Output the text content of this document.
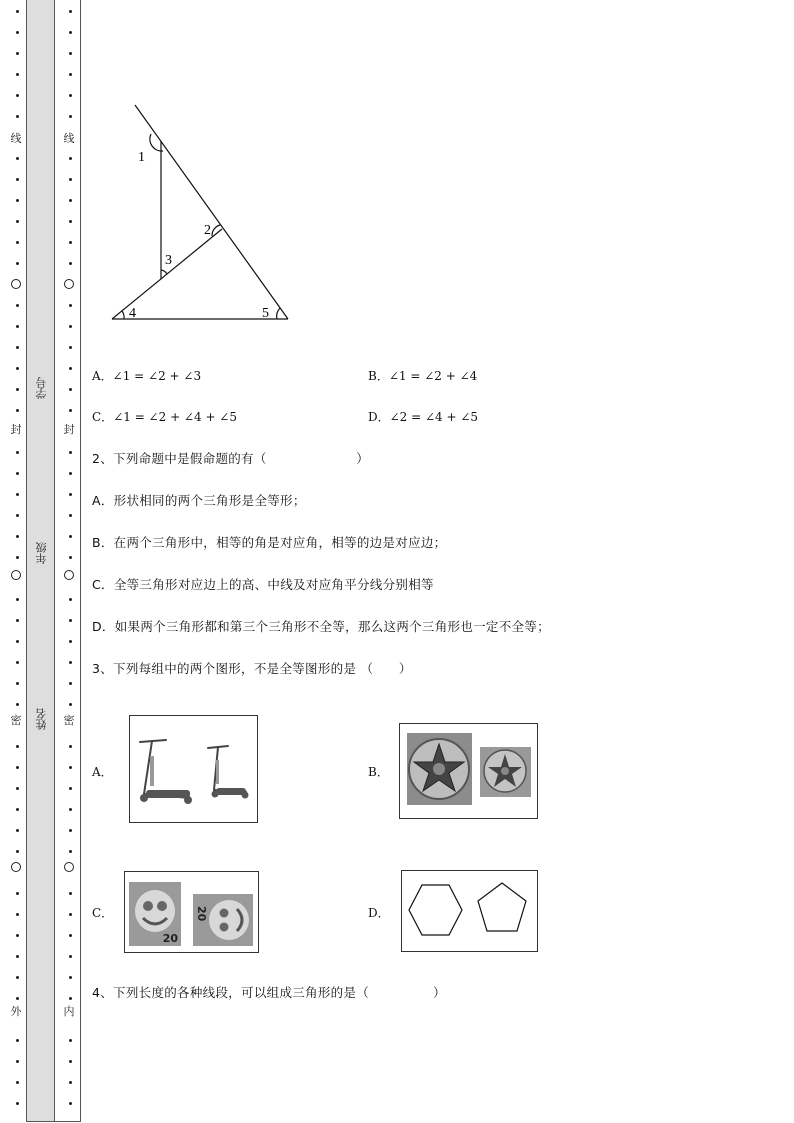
线
封
密
外
线
封
密
内
学号
年级
姓名
1
2
3
4	5
A．∠1 = ∠2 + ∠3	B．∠1 = ∠2 + ∠4
C．∠1 = ∠2 + ∠4 + ∠5	D．∠2 = ∠4 + ∠5
2、下列命题中是假命题的有（　　　　　　　）
A．形状相同的两个三角形是全等形；
B．在两个三角形中，相等的角是对应角，相等的边是对应边；
C．全等三角形对应边上的高、中线及对应角平分线分别相等
D．如果两个三角形都和第三个三角形不全等，那么这两个三角形也一定不全等；
3、下列每组中的两个图形，不是全等图形的是 （　　）
A．	B．
C．
20
20	D．
4、下列长度的各种线段，可以组成三角形的是（　　　　　）
